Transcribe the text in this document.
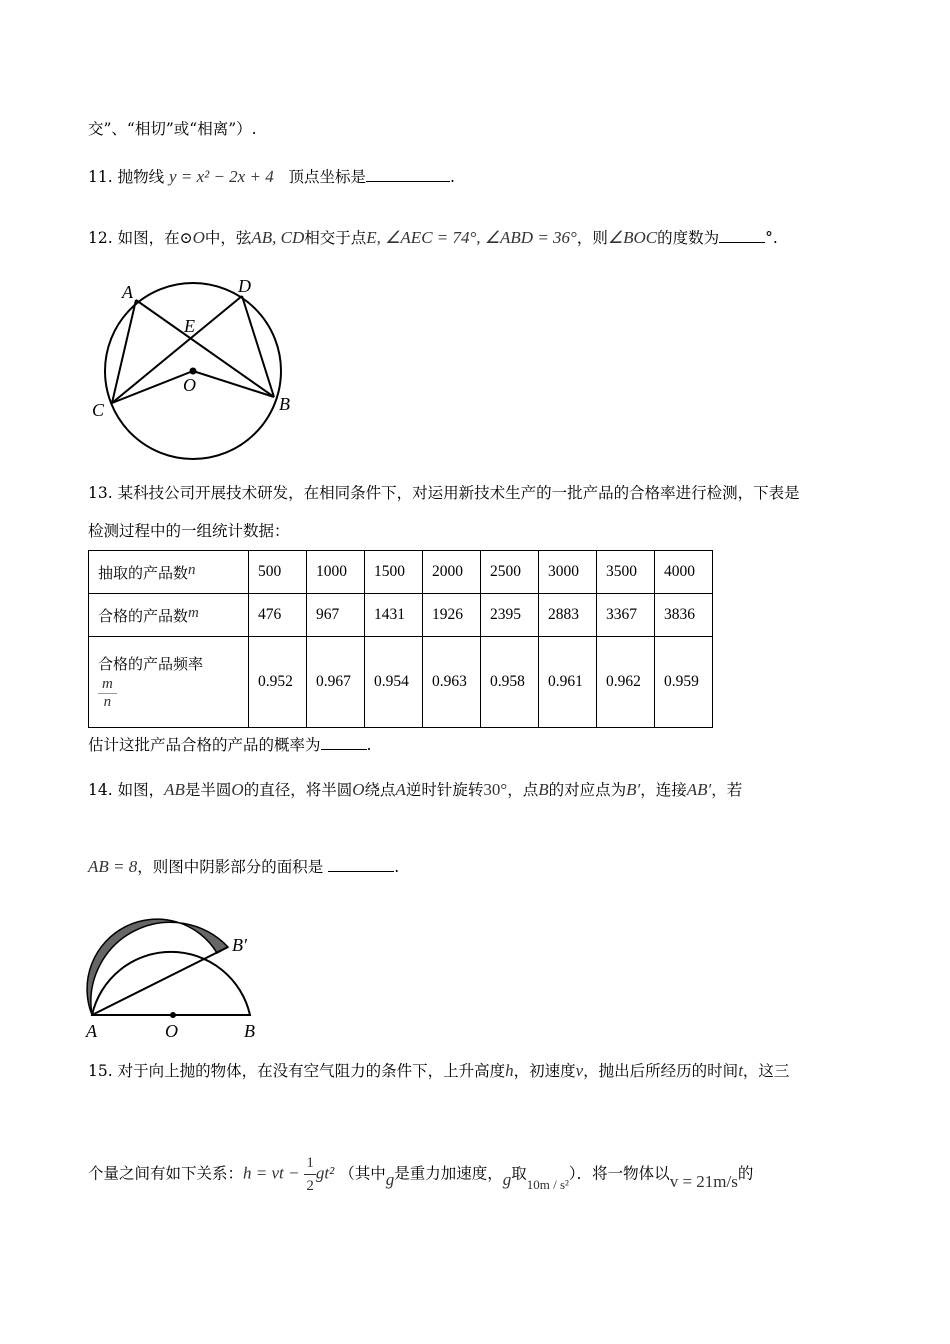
交”、“相切”或“相离”）.
11. 抛物线 y = x² − 2x + 4 顶点坐标是	.
12. 如图，在⊙O中，弦AB, CD相交于点E, ∠AEC = 74°, ∠ABD = 36°，则∠BOC的度数为	°.
A	D
E
O
C	B
13. 某科技公司开展技术研发，在相同条件下，对运用新技术生产的一批产品的合格率进行检测，下表是
检测过程中的一组统计数据：
抽取的产品数n	500	1000	1500	2000	2500	3000	3500	4000
合格的产品数m	476	967	1431	1926	2395	2883	3367	3836

合格的产品频率
$\frac{m}{n}$	0.952	0.967	0.954	0.963	0.958	0.961	0.962	0.959
估计这批产品合格的产品的概率为	.
14. 如图，AB是半圆O的直径，将半圆O绕点A逆时针旋转30°，点B的对应点为B′，连接AB′，若
AB = 8，则图中阴影部分的面积是	.
A	O	B
B′
15. 对于向上抛的物体，在没有空气阻力的条件下，上升高度h，初速度v，抛出后所经历的时间t，这三
个量之间有如下关系：h = vt − $\frac{1}{2} gt^2$ （其中g是重力加速度，g取$_{10m / s^2}$）．将一物体以v = 21m/s的
